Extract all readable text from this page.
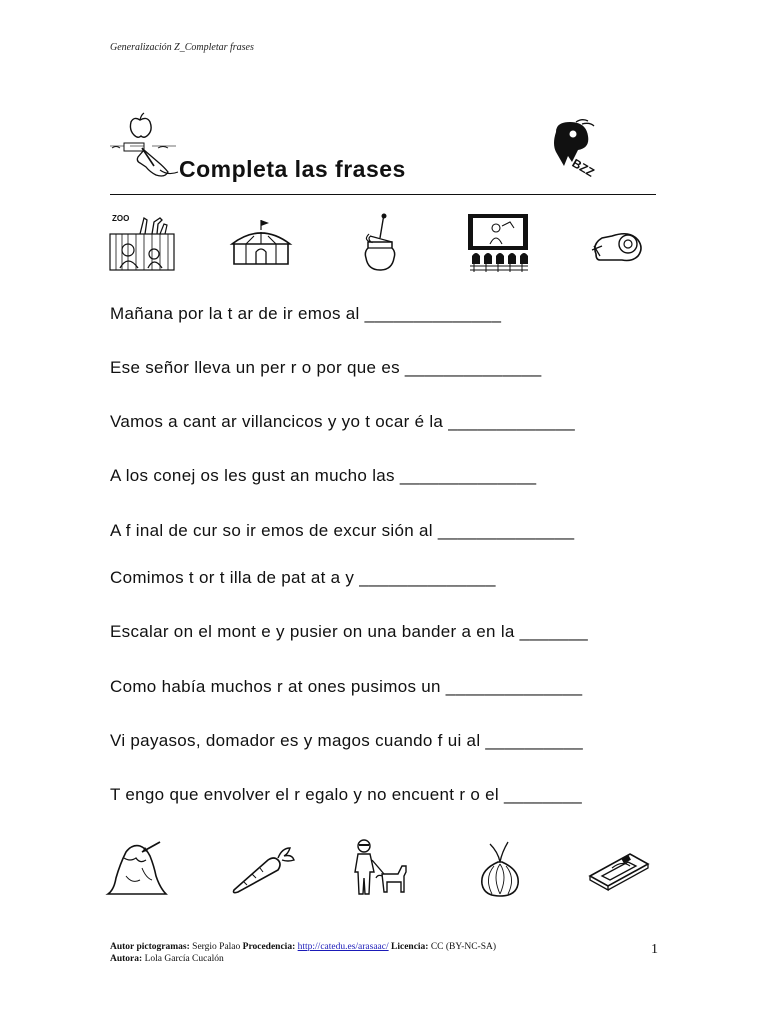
Generalización Z_Completar frases
BZZ
Completa las frases
ZOO
Mañana por la t ar de ir emos al ______________
Ese señor lleva un per r o por que es ______________
Vamos a cant ar villancicos y yo t ocar é la _____________
A los conej os les gust an mucho las ______________
A f inal de cur so ir emos de excur sión al ______________
Comimos t or t illa de pat at a y ______________
Escalar on el mont e y pusier on una bander a en la _______
Como había muchos r at ones pusimos un ______________
Vi payasos, domador es y magos cuando f ui al __________
T engo que envolver el r egalo y no encuent r o el ________
Autor pictogramas: Sergio Palao Procedencia: http://catedu.es/arasaac/ Licencia: CC (BY-NC-SA)
Autora: Lola García Cucalón
1
